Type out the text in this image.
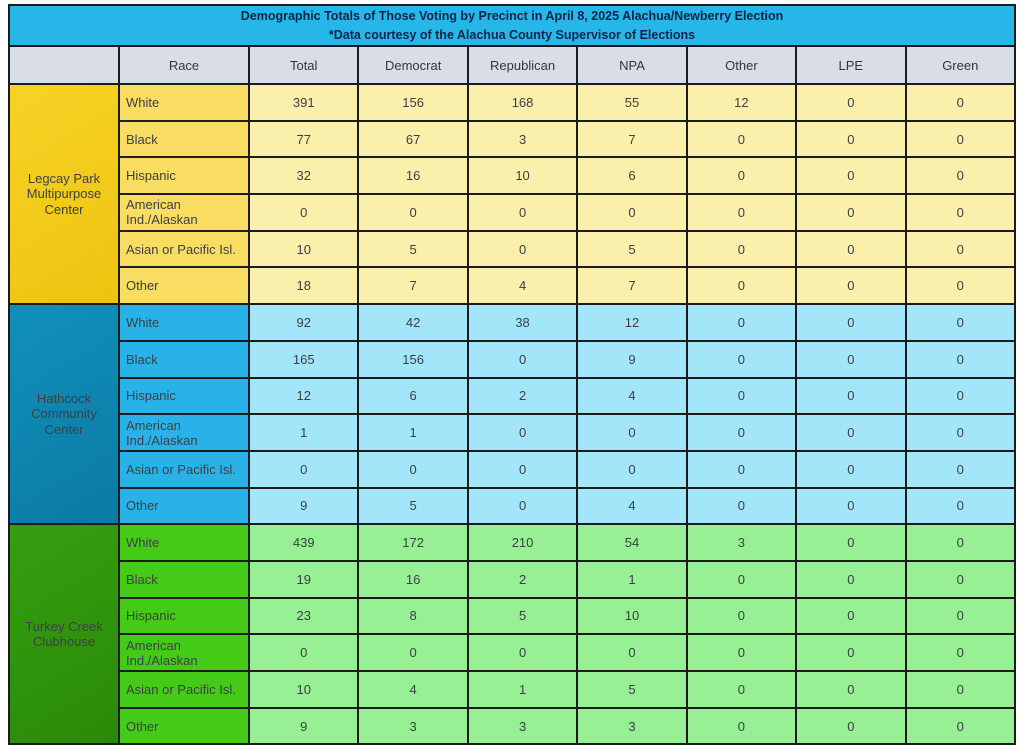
Demographic Totals of Those Voting by Precinct in April 8, 2025 Alachua/Newberry Election
*Data courtesy of the Alachua County Supervisor of Elections
	Race	Total	Democrat	Republican	NPA	Other	LPE	Green
Legcay Park Multipurpose Center	White	391	156	168	55	12	0	0
	Black	77	67	3	7	0	0	0
	Hispanic	32	16	10	6	0	0	0
	American Ind./Alaskan	0	0	0	0	0	0	0
	Asian or Pacific Isl.	10	5	0	5	0	0	0
	Other	18	7	4	7	0	0	0
Hathcock Community Center	White	92	42	38	12	0	0	0
	Black	165	156	0	9	0	0	0
	Hispanic	12	6	2	4	0	0	0
	American Ind./Alaskan	1	1	0	0	0	0	0
	Asian or Pacific Isl.	0	0	0	0	0	0	0
	Other	9	5	0	4	0	0	0
Turkey Creek Clubhouse	White	439	172	210	54	3	0	0
	Black	19	16	2	1	0	0	0
	Hispanic	23	8	5	10	0	0	0
	American Ind./Alaskan	0	0	0	0	0	0	0
	Asian or Pacific Isl.	10	4	1	5	0	0	0
	Other	9	3	3	3	0	0	0
